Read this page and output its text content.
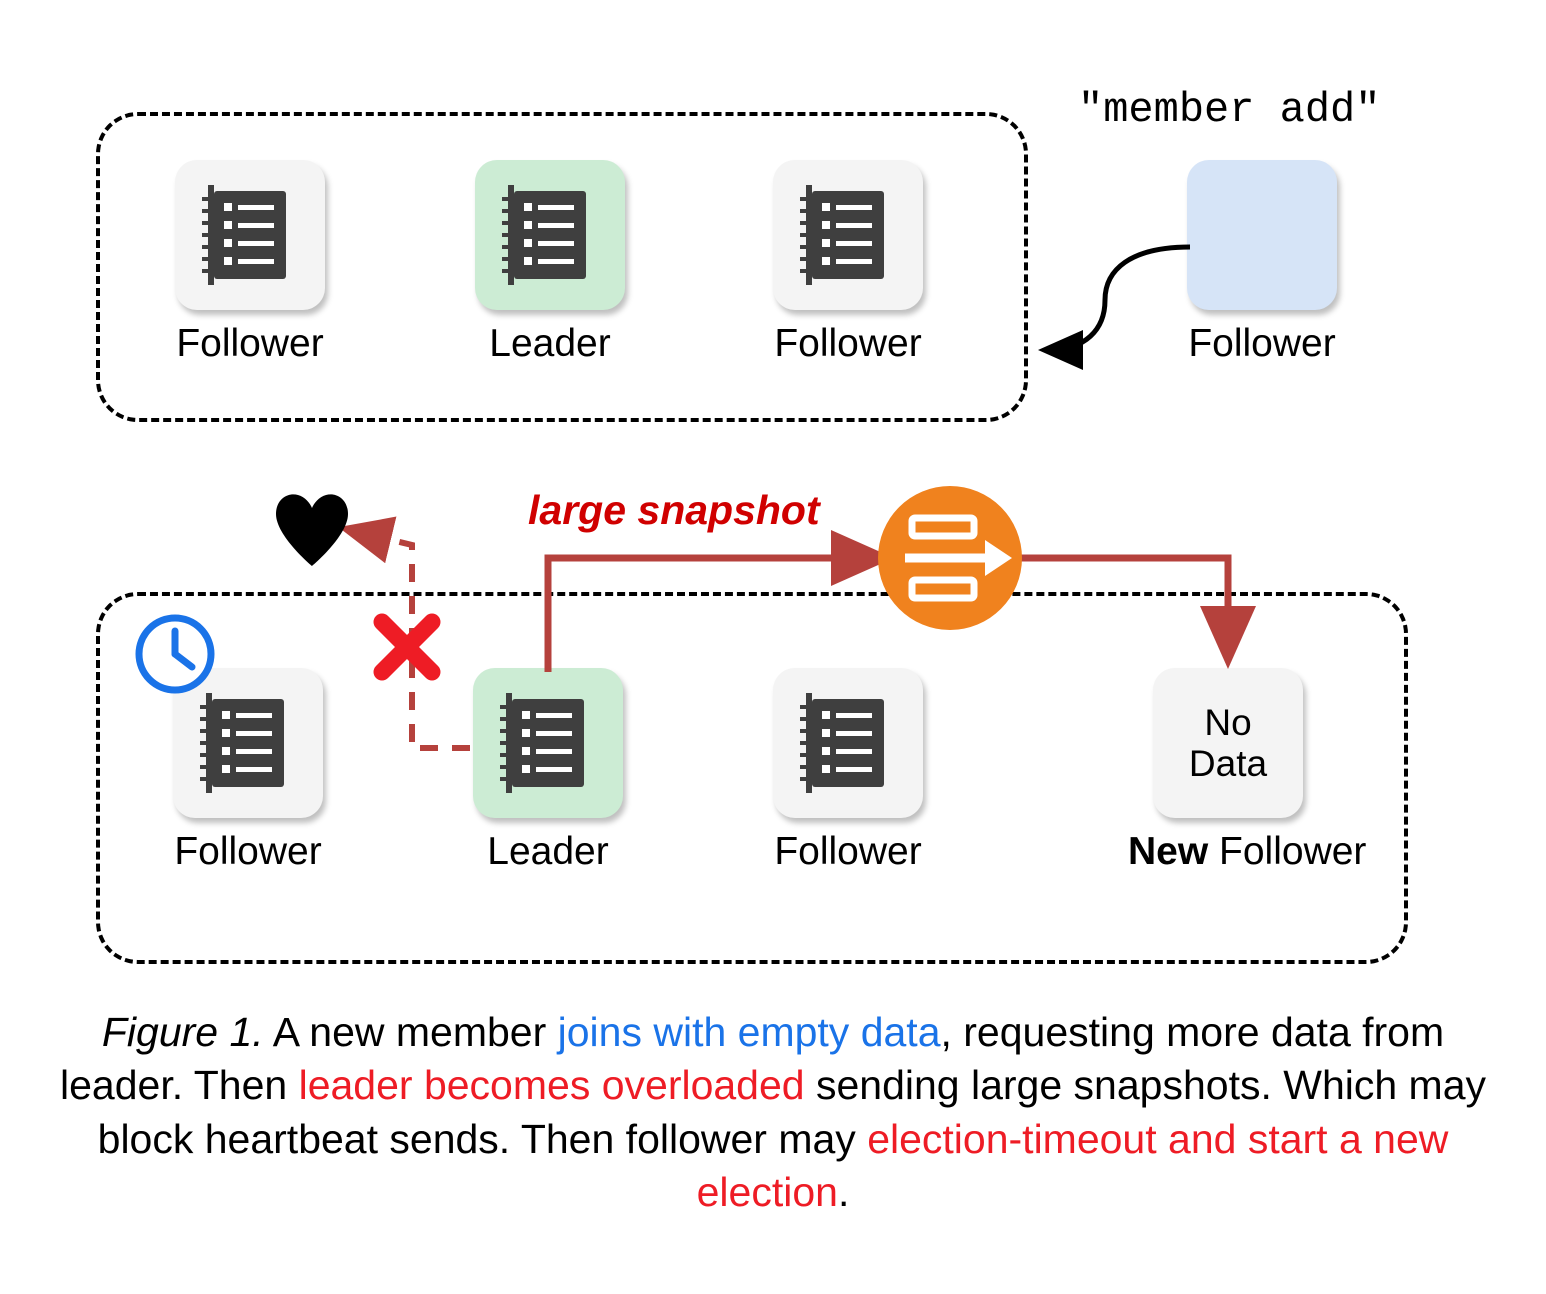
"member add"
Follower	Leader	Follower	Follower
large snapshot
Follower	Leader	Follower
No
Data
New Follower
Figure 1. A new member joins with empty data, requesting more data from leader. Then leader becomes overloaded sending large snapshots. Which may block heartbeat sends. Then follower may election-timeout and start a new election.
